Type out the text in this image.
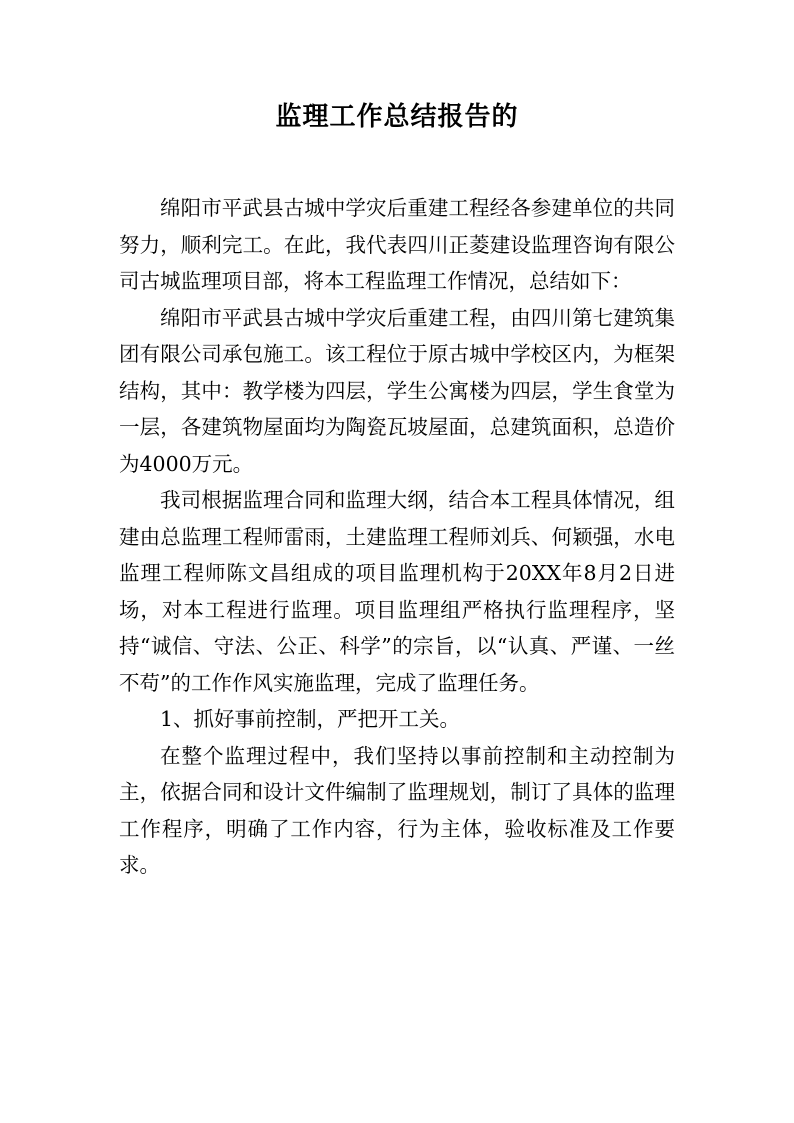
监理工作总结报告的

绵阳市平武县古城中学灾后重建工程经各参建单位的共同努力，顺利完工。在此，我代表四川正菱建设监理咨询有限公司古城监理项目部，将本工程监理工作情况，总结如下：

绵阳市平武县古城中学灾后重建工程，由四川第七建筑集团有限公司承包施工。该工程位于原古城中学校区内，为框架结构，其中：教学楼为四层，学生公寓楼为四层，学生食堂为一层，各建筑物屋面均为陶瓷瓦坡屋面，总建筑面积，总造价为4000万元。

我司根据监理合同和监理大纲，结合本工程具体情况，组建由总监理工程师雷雨，土建监理工程师刘兵、何颖强，水电监理工程师陈文昌组成的项目监理机构于20XX年8月2日进场，对本工程进行监理。项目监理组严格执行监理程序，坚持“诚信、守法、公正、科学”的宗旨，以“认真、严谨、一丝不苟”的工作作风实施监理，完成了监理任务。

1、抓好事前控制，严把开工关。

在整个监理过程中，我们坚持以事前控制和主动控制为主，依据合同和设计文件编制了监理规划，制订了具体的监理工作程序，明确了工作内容，行为主体，验收标准及工作要求。
